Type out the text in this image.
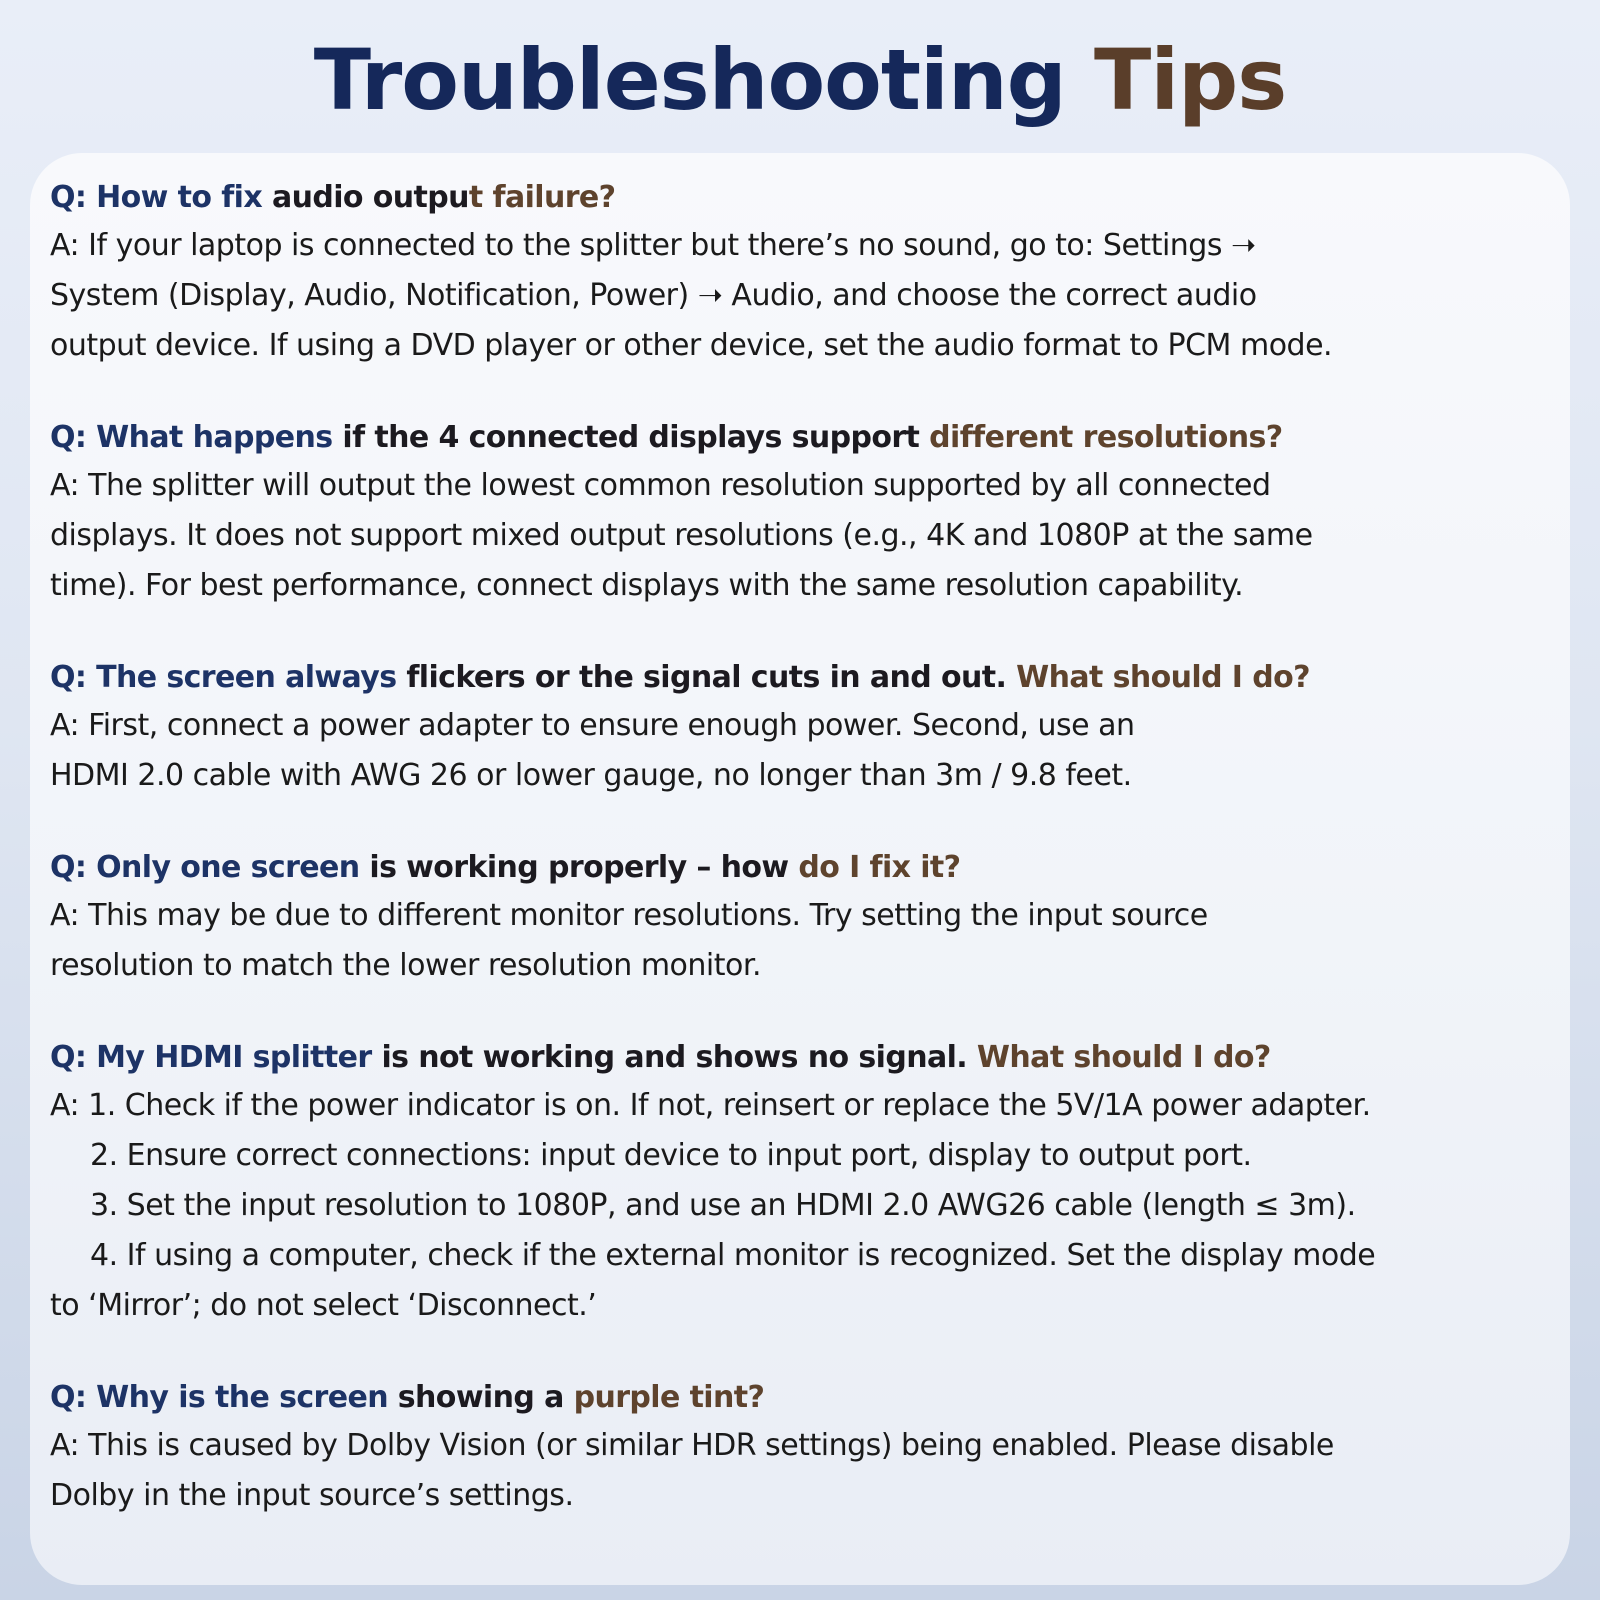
Troubleshooting Tips

Q: How to fix audio output failure?

A: If your laptop is connected to the splitter but there’s no sound, go to: Settings ➝
System (Display, Audio, Notification, Power) ➝ Audio, and choose the correct audio
output device. If using a DVD player or other device, set the audio format to PCM mode.

Q: What happens if the 4 connected displays support different resolutions?

A: The splitter will output the lowest common resolution supported by all connected
displays. It does not support mixed output resolutions (e.g., 4K and 1080P at the same
time). For best performance, connect displays with the same resolution capability.

Q: The screen always flickers or the signal cuts in and out. What should I do?

A: First, connect a power adapter to ensure enough power. Second, use an
HDMI 2.0 cable with AWG 26 or lower gauge, no longer than 3m / 9.8 feet.

Q: Only one screen is working properly – how do I fix it?

A: This may be due to different monitor resolutions. Try setting the input source
resolution to match the lower resolution monitor.

Q: My HDMI splitter is not working and shows no signal. What should I do?

A: 1. Check if the power indicator is on. If not, reinsert or replace the 5V/1A power adapter.
2. Ensure correct connections: input device to input port, display to output port.
3. Set the input resolution to 1080P, and use an HDMI 2.0 AWG26 cable (length ≤ 3m).
4. If using a computer, check if the external monitor is recognized. Set the display mode
to ‘Mirror’; do not select ‘Disconnect.’

Q: Why is the screen showing a purple tint?

A: This is caused by Dolby Vision (or similar HDR settings) being enabled. Please disable
Dolby in the input source’s settings.
